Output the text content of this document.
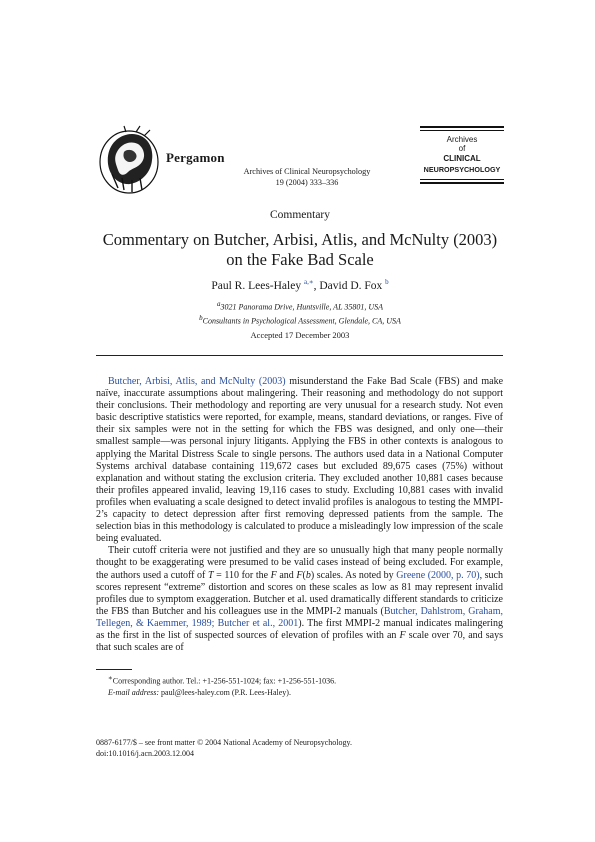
Pergamon
Archives of Clinical Neuropsychology
19 (2004) 333–336
Archives
of
CLINICAL
NEUROPSYCHOLOGY
Commentary
Commentary on Butcher, Arbisi, Atlis, and McNulty (2003)
on the Fake Bad Scale
Paul R. Lees-Haley $^{a,∗}$, David D. Fox $^b$
$^a$3021 Panorama Drive, Huntsville, AL 35801, USA
$^b$Consultants in Psychological Assessment, Glendale, CA, USA
Accepted 17 December 2003

Butcher, Arbisi, Atlis, and McNulty (2003) misunderstand the Fake Bad Scale (FBS) and make naïve, inaccurate assumptions about malingering. Their reasoning and methodology do not support their conclusions. Their methodology and reporting are very unusual for a research study. Not even basic descriptive statistics were reported, for example, means, standard deviations, or ranges. Five of their six samples were not in the setting for which the FBS was designed, and only one—their smallest sample—was personal injury litigants. Applying the FBS in other contexts is analogous to applying the Marital Distress Scale to single persons. The authors used data in a National Computer Systems archival database containing 119,672 cases but excluded 89,675 cases (75%) without explanation and without stating the exclusion criteria. They excluded another 10,881 cases because their profiles appeared invalid, leaving 19,116 cases to study. Excluding 10,881 cases with invalid profiles when evaluating a scale designed to detect invalid profiles is analogous to testing the MMPI-2’s capacity to detect depression after first removing depressed patients from the sample. The selection bias in this methodology is calculated to produce a misleadingly low impression of the scale being evaluated.

Their cutoff criteria were not justified and they are so unusually high that many people normally thought to be exaggerating were presumed to be valid cases instead of being excluded. For example, the authors used a cutoff of T = 110 for the F and F(b) scales. As noted by Greene (2000, p. 70), such scores represent “extreme” distortion and scores on these scales as low as 81 may represent invalid profiles due to symptom exaggeration. Butcher et al. used dramatically different standards to criticize the FBS than Butcher and his colleagues use in the MMPI-2 manuals (Butcher, Dahlstrom, Graham, Tellegen, & Kaemmer, 1989; Butcher et al., 2001). The first MMPI-2 manual indicates malingering as the first in the list of suspected sources of elevation of profiles with an F scale over 70, and says that such scales are of

∗Corresponding author. Tel.: +1-256-551-1024; fax: +1-256-551-1036.
E-mail address: paul@lees-haley.com (P.R. Lees-Haley).
0887-6177/$ – see front matter © 2004 National Academy of Neuropsychology.
doi:10.1016/j.acn.2003.12.004
